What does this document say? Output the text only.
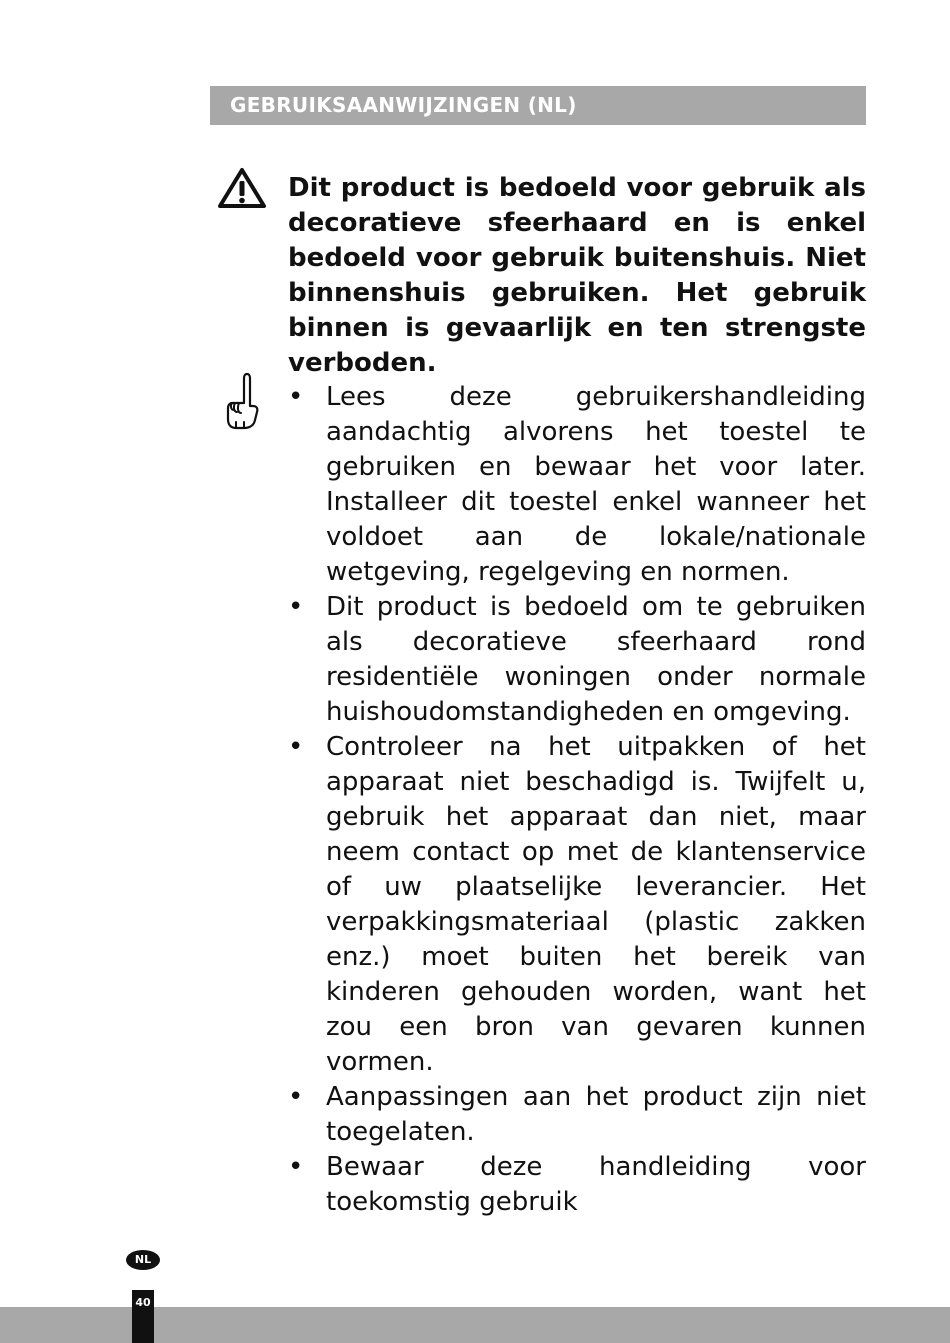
GEBRUIKSAANWIJZINGEN (NL)

Dit product is bedoeld voor gebruik als decoratieve sfeerhaard en is enkel bedoeld voor gebruik buitenshuis. Niet binnenshuis gebruiken. Het gebruik binnen is gevaarlijk en ten strengste verboden.

• Lees deze gebruikershandleiding aandachtig alvorens het toestel te gebruiken en bewaar het voor later. Installeer dit toestel enkel wanneer het voldoet aan de lokale/nationale wetgeving, regelgeving en normen.
• Dit product is bedoeld om te gebruiken als decoratieve sfeerhaard rond residentiële woningen onder normale huishoudomstandigheden en omgeving.
• Controleer na het uitpakken of het apparaat niet beschadigd is. Twijfelt u, gebruik het apparaat dan niet, maar neem contact op met de klantenservice of uw plaatselijke leverancier. Het verpakkingsmateriaal (plastic zakken enz.) moet buiten het bereik van kinderen gehouden worden, want het zou een bron van gevaren kunnen vormen.
• Aanpassingen aan het product zijn niet toegelaten.
• Bewaar deze handleiding voor toekomstig gebruik
NL
40
